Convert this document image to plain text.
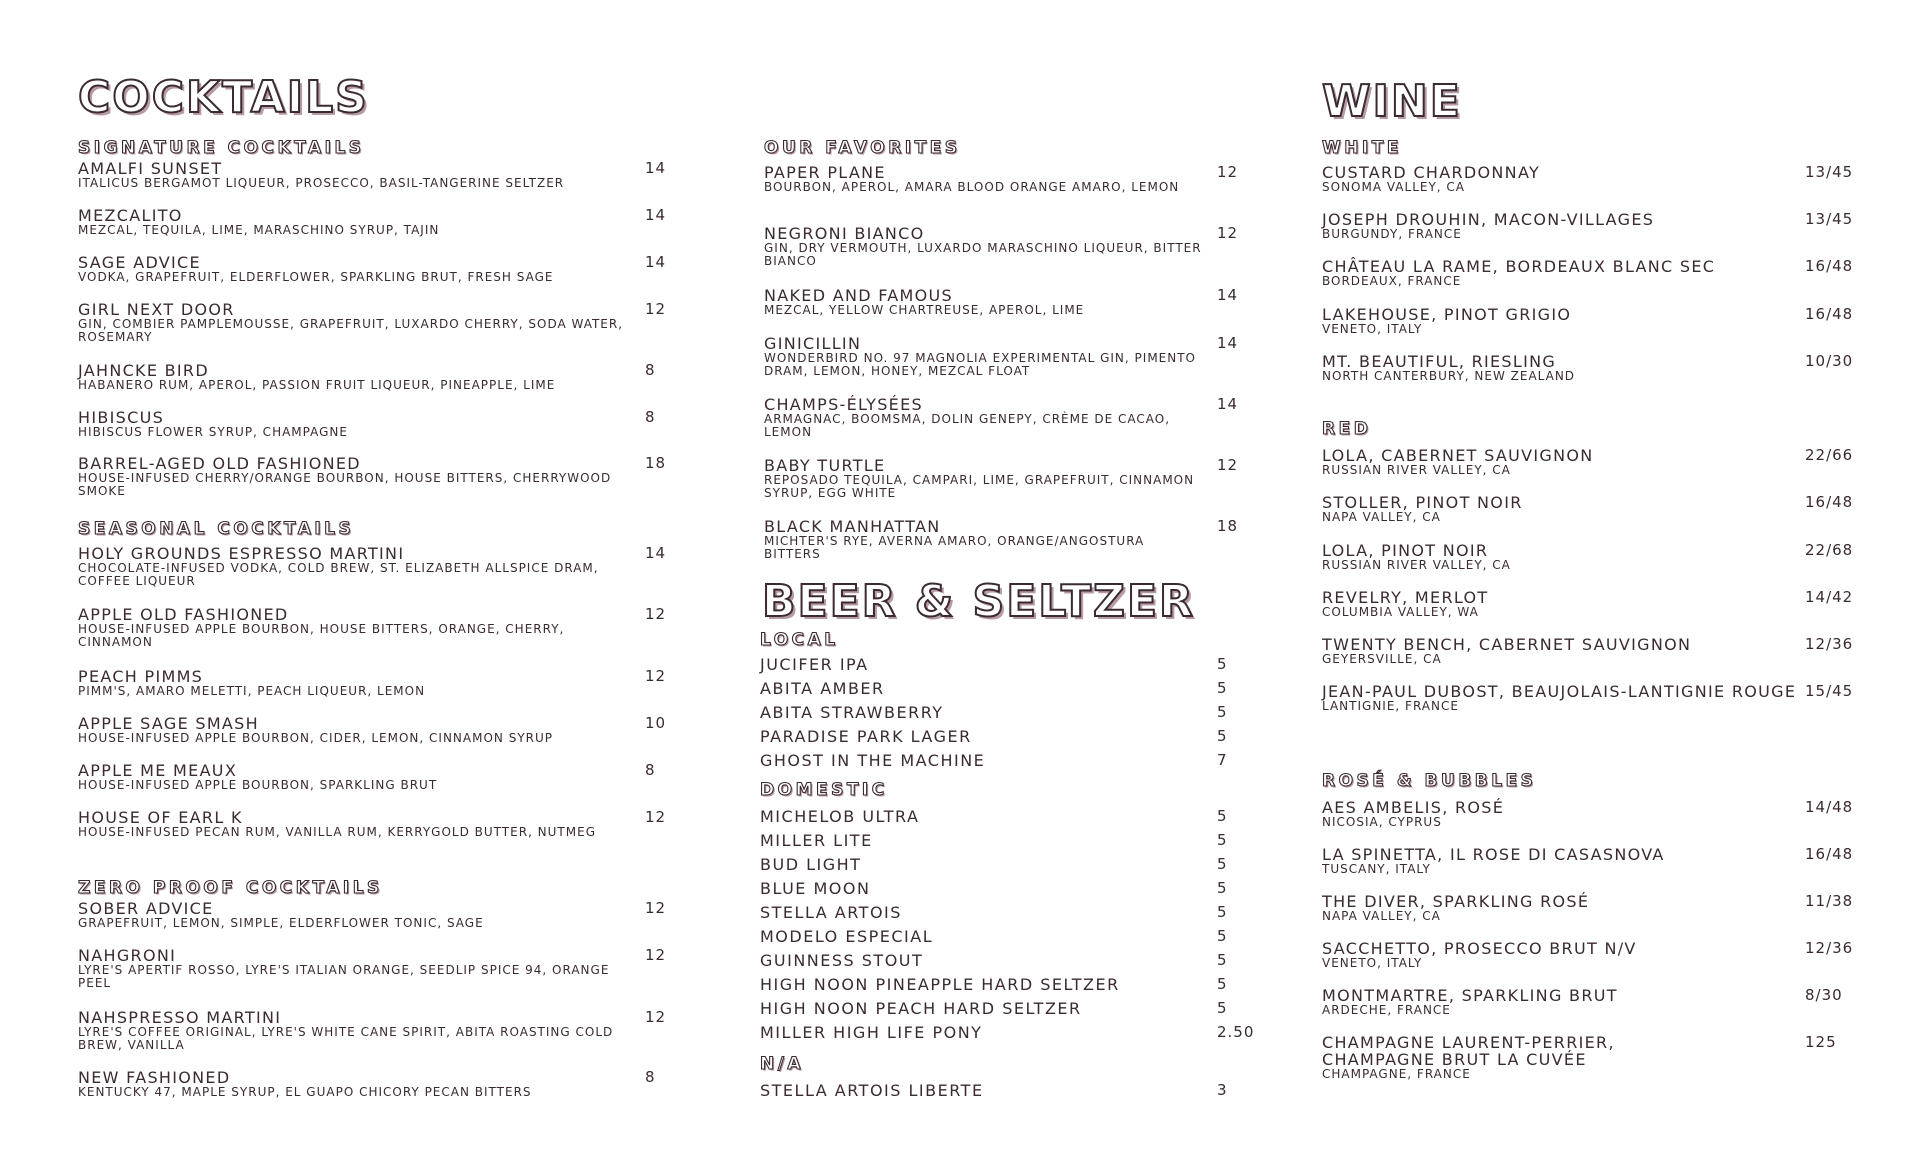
COCKTAILS
SIGNATURE COCKTAILS
AMALFI SUNSET
ITALICUS BERGAMOT LIQUEUR, PROSECCO, BASIL-TANGERINE SELTZER
14
MEZCALITO
MEZCAL, TEQUILA, LIME, MARASCHINO SYRUP, TAJIN
14
SAGE ADVICE
VODKA, GRAPEFRUIT, ELDERFLOWER, SPARKLING BRUT, FRESH SAGE
14
GIRL NEXT DOOR
GIN, COMBIER PAMPLEMOUSSE, GRAPEFRUIT, LUXARDO CHERRY, SODA WATER, ROSEMARY
12
JAHNCKE BIRD
HABANERO RUM, APEROL, PASSION FRUIT LIQUEUR, PINEAPPLE, LIME
8
HIBISCUS
HIBISCUS FLOWER SYRUP, CHAMPAGNE
8
BARREL-AGED OLD FASHIONED
HOUSE-INFUSED CHERRY/ORANGE BOURBON, HOUSE BITTERS, CHERRYWOOD SMOKE
18
SEASONAL COCKTAILS
HOLY GROUNDS ESPRESSO MARTINI
CHOCOLATE-INFUSED VODKA, COLD BREW, ST. ELIZABETH ALLSPICE DRAM, COFFEE LIQUEUR
14
APPLE OLD FASHIONED
HOUSE-INFUSED APPLE BOURBON, HOUSE BITTERS, ORANGE, CHERRY, CINNAMON
12
PEACH PIMMS
PIMM'S, AMARO MELETTI, PEACH LIQUEUR, LEMON
12
APPLE SAGE SMASH
HOUSE-INFUSED APPLE BOURBON, CIDER, LEMON, CINNAMON SYRUP
10
APPLE ME MEAUX
HOUSE-INFUSED APPLE BOURBON, SPARKLING BRUT
8
HOUSE OF EARL K
HOUSE-INFUSED PECAN RUM, VANILLA RUM, KERRYGOLD BUTTER, NUTMEG
12
ZERO PROOF COCKTAILS
SOBER ADVICE
GRAPEFRUIT, LEMON, SIMPLE, ELDERFLOWER TONIC, SAGE
12
NAHGRONI
LYRE'S APERTIF ROSSO, LYRE'S ITALIAN ORANGE, SEEDLIP SPICE 94, ORANGE PEEL
12
NAHSPRESSO MARTINI
LYRE'S COFFEE ORIGINAL, LYRE'S WHITE CANE SPIRIT, ABITA ROASTING COLD BREW, VANILLA
12
NEW FASHIONED
KENTUCKY 47, MAPLE SYRUP, EL GUAPO CHICORY PECAN BITTERS
8
OUR FAVORITES
PAPER PLANE
BOURBON, APEROL, AMARA BLOOD ORANGE AMARO, LEMON
12
NEGRONI BIANCO
GIN, DRY VERMOUTH, LUXARDO MARASCHINO LIQUEUR, BITTER BIANCO
12
NAKED AND FAMOUS
MEZCAL, YELLOW CHARTREUSE, APEROL, LIME
14
GINICILLIN
WONDERBIRD NO. 97 MAGNOLIA EXPERIMENTAL GIN, PIMENTO DRAM, LEMON, HONEY, MEZCAL FLOAT
14
CHAMPS-ÉLYSÉES
ARMAGNAC, BOOMSMA, DOLIN GENEPY, CRÈME DE CACAO, LEMON
14
BABY TURTLE
REPOSADO TEQUILA, CAMPARI, LIME, GRAPEFRUIT, CINNAMON SYRUP, EGG WHITE
12
BLACK MANHATTAN
MICHTER'S RYE, AVERNA AMARO, ORANGE/ANGOSTURA BITTERS
18
BEER & SELTZER
LOCAL
JUCIFER IPA	5
ABITA AMBER	5
ABITA STRAWBERRY	5
PARADISE PARK LAGER	5
GHOST IN THE MACHINE	7
DOMESTIC
MICHELOB ULTRA	5
MILLER LITE	5
BUD LIGHT	5
BLUE MOON	5
STELLA ARTOIS	5
MODELO ESPECIAL	5
GUINNESS STOUT	5
HIGH NOON PINEAPPLE HARD SELTZER	5
HIGH NOON PEACH HARD SELTZER	5
MILLER HIGH LIFE PONY	2.50
N/A
STELLA ARTOIS LIBERTE	3
WINE
WHITE
CUSTARD CHARDONNAY
SONOMA VALLEY, CA
13/45
JOSEPH DROUHIN, MACON-VILLAGES
BURGUNDY, FRANCE
13/45
CHÂTEAU LA RAME, BORDEAUX BLANC SEC
BORDEAUX, FRANCE
16/48
LAKEHOUSE, PINOT GRIGIO
VENETO, ITALY
16/48
MT. BEAUTIFUL, RIESLING
NORTH CANTERBURY, NEW ZEALAND
10/30
RED
LOLA, CABERNET SAUVIGNON
RUSSIAN RIVER VALLEY, CA
22/66
STOLLER, PINOT NOIR
NAPA VALLEY, CA
16/48
LOLA, PINOT NOIR
RUSSIAN RIVER VALLEY, CA
22/68
REVELRY, MERLOT
COLUMBIA VALLEY, WA
14/42
TWENTY BENCH, CABERNET SAUVIGNON
GEYERSVILLE, CA
12/36
JEAN-PAUL DUBOST, BEAUJOLAIS-LANTIGNIE ROUGE
LANTIGNIE, FRANCE
15/45
ROSÉ & BUBBLES
AES AMBELIS, ROSÉ
NICOSIA, CYPRUS
14/48
LA SPINETTA, IL ROSE DI CASASNOVA
TUSCANY, ITALY
16/48
THE DIVER, SPARKLING ROSÉ
NAPA VALLEY, CA
11/38
SACCHETTO, PROSECCO BRUT N/V
VENETO, ITALY
12/36
MONTMARTRE, SPARKLING BRUT
ARDECHE, FRANCE
8/30
CHAMPAGNE LAURENT-PERRIER, CHAMPAGNE BRUT LA CUVÉE
CHAMPAGNE, FRANCE
125
